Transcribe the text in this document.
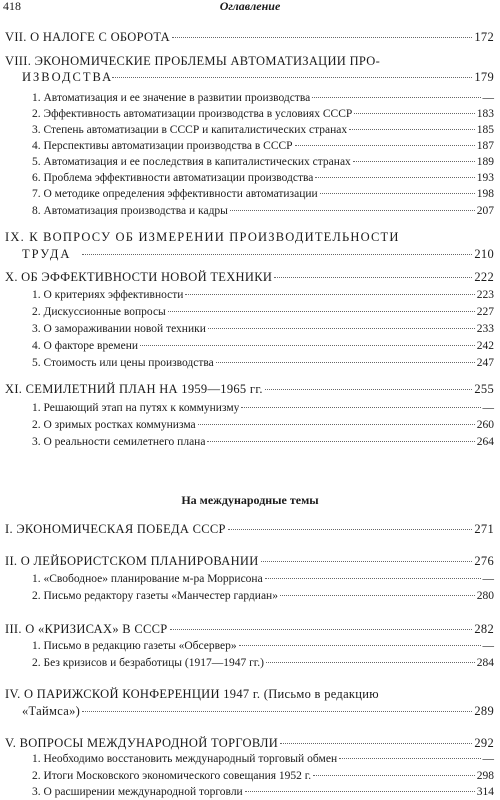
418	Оглавление
VII. О НАЛОГЕ С ОБОРОТА	172
VIII. ЭКОНОМИЧЕСКИЕ ПРОБЛЕМЫ АВТОМАТИЗАЦИИ ПРО-
ИЗВОДСТВА	179
1. Автоматизация и ее значение в развитии производства	—
2. Эффективность автоматизации производства в условиях СССР	183
3. Степень автоматизации в СССР и капиталистических странах	185
4. Перспективы автоматизации производства в СССР	187
5. Автоматизация и ее последствия в капиталистических странах	189
6. Проблема эффективности автоматизации производства	193
7. О методике определения эффективности автоматизации	198
8. Автоматизация производства и кадры	207
IX. К ВОПРОСУ ОБ ИЗМЕРЕНИИ ПРОИЗВОДИТЕЛЬНОСТИ
ТРУДА	210
X. ОБ ЭФФЕКТИВНОСТИ НОВОЙ ТЕХНИКИ	222
1. О критериях эффективности	223
2. Дискуссионные вопросы	227
3. О замораживании новой техники	233
4. О факторе времени	242
5. Стоимость или цены производства	247
XI. СЕМИЛЕТНИЙ ПЛАН НА 1959—1965 гг.	255
1. Решающий этап на путях к коммунизму	—
2. О зримых ростках коммунизма	260
3. О реальности семилетнего плана	264
На международные темы
I. ЭКОНОМИЧЕСКАЯ ПОБЕДА СССР	271
II. О ЛЕЙБОРИСТСКОМ ПЛАНИРОВАНИИ	276
1. «Свободное» планирование м-ра Моррисона	—
2. Письмо редактору газеты «Манчестер гардиан»	280
III. О «КРИЗИСАХ» В СССР	282
1. Письмо в редакцию газеты «Обсервер»	—
2. Без кризисов и безработицы (1917—1947 гг.)	284
IV. О ПАРИЖСКОЙ КОНФЕРЕНЦИИ 1947 г. (Письмо в редакцию
«Таймса»)	289
V. ВОПРОСЫ МЕЖДУНАРОДНОЙ ТОРГОВЛИ	292
1. Необходимо восстановить международный торговый обмен	—
2. Итоги Московского экономического совещания 1952 г.	298
3. О расширении международной торговли	314
